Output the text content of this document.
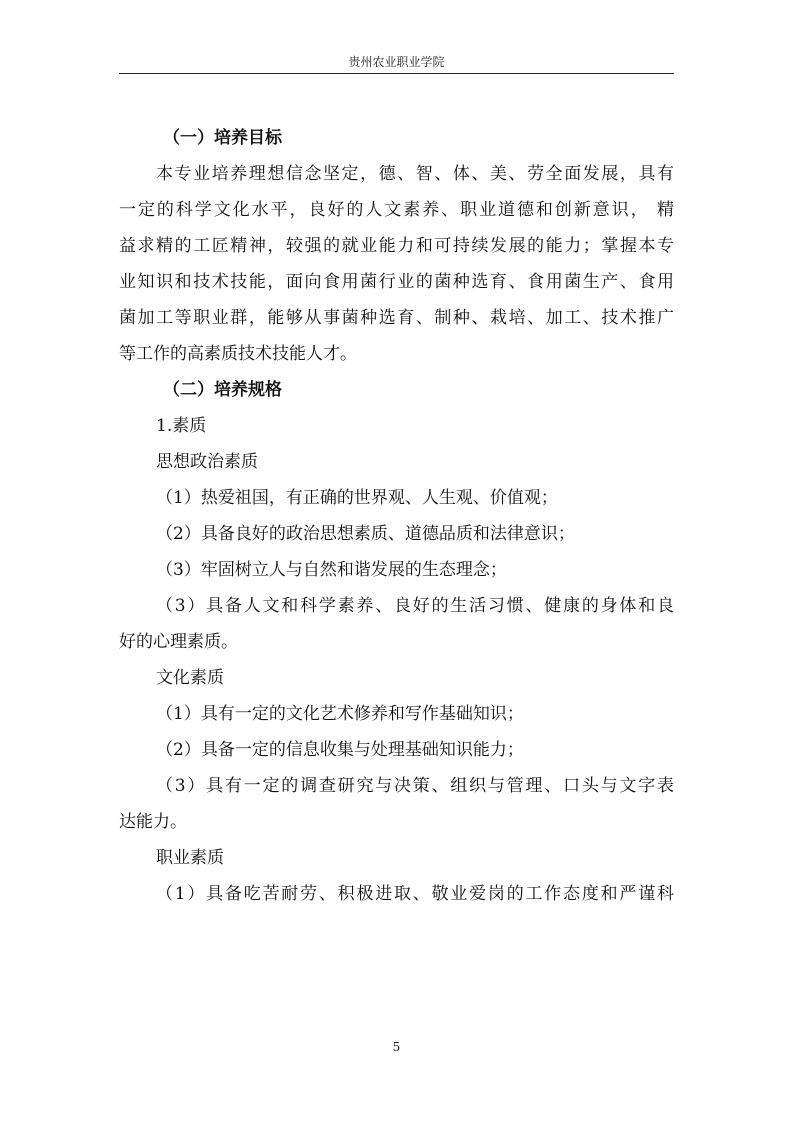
贵州农业职业学院

（一）培养目标

本专业培养理想信念坚定，德、智、体、美、劳全面发展，具有

一定的科学文化水平，良好的人文素养、职业道德和创新意识， 精

益求精的工匠精神，较强的就业能力和可持续发展的能力；掌握本专

业知识和技术技能，面向食用菌行业的菌种选育、食用菌生产、食用

菌加工等职业群，能够从事菌种选育、制种、栽培、加工、技术推广

等工作的高素质技术技能人才。

（二）培养规格

1.素质

思想政治素质

（1）热爱祖国，有正确的世界观、人生观、价值观；

（2）具备良好的政治思想素质、道德品质和法律意识；

（3）牢固树立人与自然和谐发展的生态理念；

（3）具备人文和科学素养、良好的生活习惯、健康的身体和良

好的心理素质。

文化素质

（1）具有一定的文化艺术修养和写作基础知识；

（2）具备一定的信息收集与处理基础知识能力；

（3）具有一定的调查研究与决策、组织与管理、口头与文字表

达能力。

职业素质

（1）具备吃苦耐劳、积极进取、敬业爱岗的工作态度和严谨科

5
